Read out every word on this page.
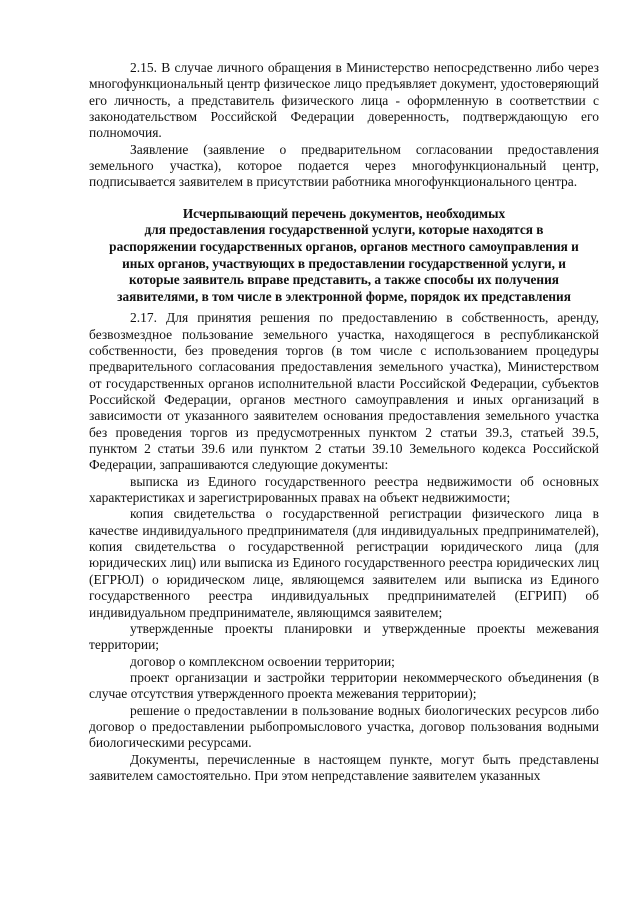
2.15. В случае личного обращения в Министерство непосредственно либо через многофункциональный центр физическое лицо предъявляет документ, удостоверяющий его личность, а представитель физического лица - оформленную в соответствии с законодательством Российской Федерации доверенность, подтверждающую его полномочия.

Заявление (заявление о предварительном согласовании предоставления земельного участка), которое подается через многофункциональный центр, подписывается заявителем в присутствии работника многофункционального центра.

Исчерпывающий перечень документов, необходимых
для предоставления государственной услуги, которые находятся в
распоряжении государственных органов, органов местного самоуправления и
иных органов, участвующих в предоставлении государственной услуги, и
которые заявитель вправе представить, а также способы их получения
заявителями, в том числе в электронной форме, порядок их представления

2.17. Для принятия решения по предоставлению в собственность, аренду, безвозмездное пользование земельного участка, находящегося в республиканской собственности, без проведения торгов (в том числе с использованием процедуры предварительного согласования предоставления земельного участка), Министерством от государственных органов исполнительной власти Российской Федерации, субъектов Российской Федерации, органов местного самоуправления и иных организаций в зависимости от указанного заявителем основания предоставления земельного участка без проведения торгов из предусмотренных пунктом 2 статьи 39.3, статьей 39.5, пунктом 2 статьи 39.6 или пунктом 2 статьи 39.10 Земельного кодекса Российской Федерации, запрашиваются следующие документы:

выписка из Единого государственного реестра недвижимости об основных характеристиках и зарегистрированных правах на объект недвижимости;

копия свидетельства о государственной регистрации физического лица в качестве индивидуального предпринимателя (для индивидуальных предпринимателей), копия свидетельства о государственной регистрации юридического лица (для юридических лиц) или выписка из Единого государственного реестра юридических лиц (ЕГРЮЛ) о юридическом лице, являющемся заявителем или выписка из Единого государственного реестра индивидуальных предпринимателей (ЕГРИП) об индивидуальном предпринимателе, являющимся заявителем;

утвержденные проекты планировки и утвержденные проекты межевания территории;

договор о комплексном освоении территории;

проект организации и застройки территории некоммерческого объединения (в случае отсутствия утвержденного проекта межевания территории);

решение о предоставлении в пользование водных биологических ресурсов либо договор о предоставлении рыбопромыслового участка, договор пользования водными биологическими ресурсами.

Документы, перечисленные в настоящем пункте, могут быть представлены заявителем самостоятельно. При этом непредставление заявителем указанных
